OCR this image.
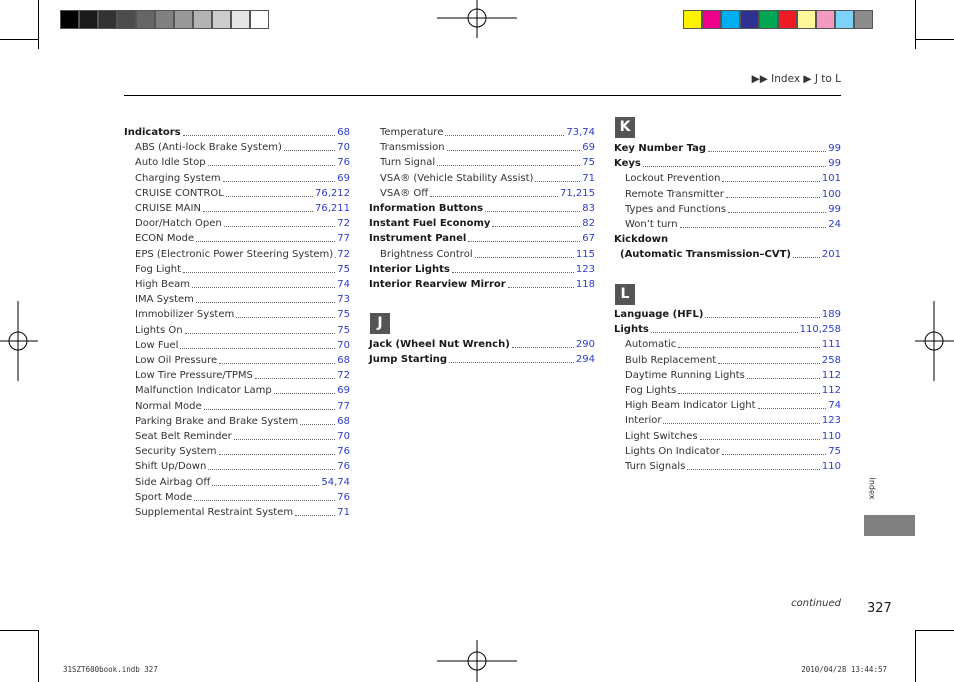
▶▶ Index ▶ J to L
Indicators	68
ABS (Anti-lock Brake System)	70
Auto Idle Stop	76
Charging System	69
CRUISE CONTROL	76,212
CRUISE MAIN	76,211
Door/Hatch Open	72
ECON Mode	77
EPS (Electronic Power Steering System) 72
Fog Light	75
High Beam	74
IMA System	73
Immobilizer System	75
Lights On	75
Low Fuel	70
Low Oil Pressure	68
Low Tire Pressure/TPMS	72
Malfunction Indicator Lamp	69
Normal Mode	77
Parking Brake and Brake System	68
Seat Belt Reminder	70
Security System	76
Shift Up/Down	76
Side Airbag Off	54,74
Sport Mode	76
Supplemental Restraint System	71
Temperature	73,74
Transmission	69
Turn Signal	75
VSA® (Vehicle Stability Assist)	71
VSA® Off	71,215
Information Buttons	83
Instant Fuel Economy	82
Instrument Panel	67
Brightness Control	115
Interior Lights	123
Interior Rearview Mirror	118
J
Jack (Wheel Nut Wrench)	290
Jump Starting	294
K
Key Number Tag	99
Keys	99
Lockout Prevention	101
Remote Transmitter	100
Types and Functions	99
Won’t turn	24
Kickdown
(Automatic Transmission–CVT)	201
L
Language (HFL)	189
Lights	110,258
Automatic	111
Bulb Replacement	258
Daytime Running Lights	112
Fog Lights	112
High Beam Indicator Light	74
Interior	123
Light Switches	110
Lights On Indicator	75
Turn Signals	110
Index
continued 327
31SZT600book.indb 327	2010/04/28 13:44:57
